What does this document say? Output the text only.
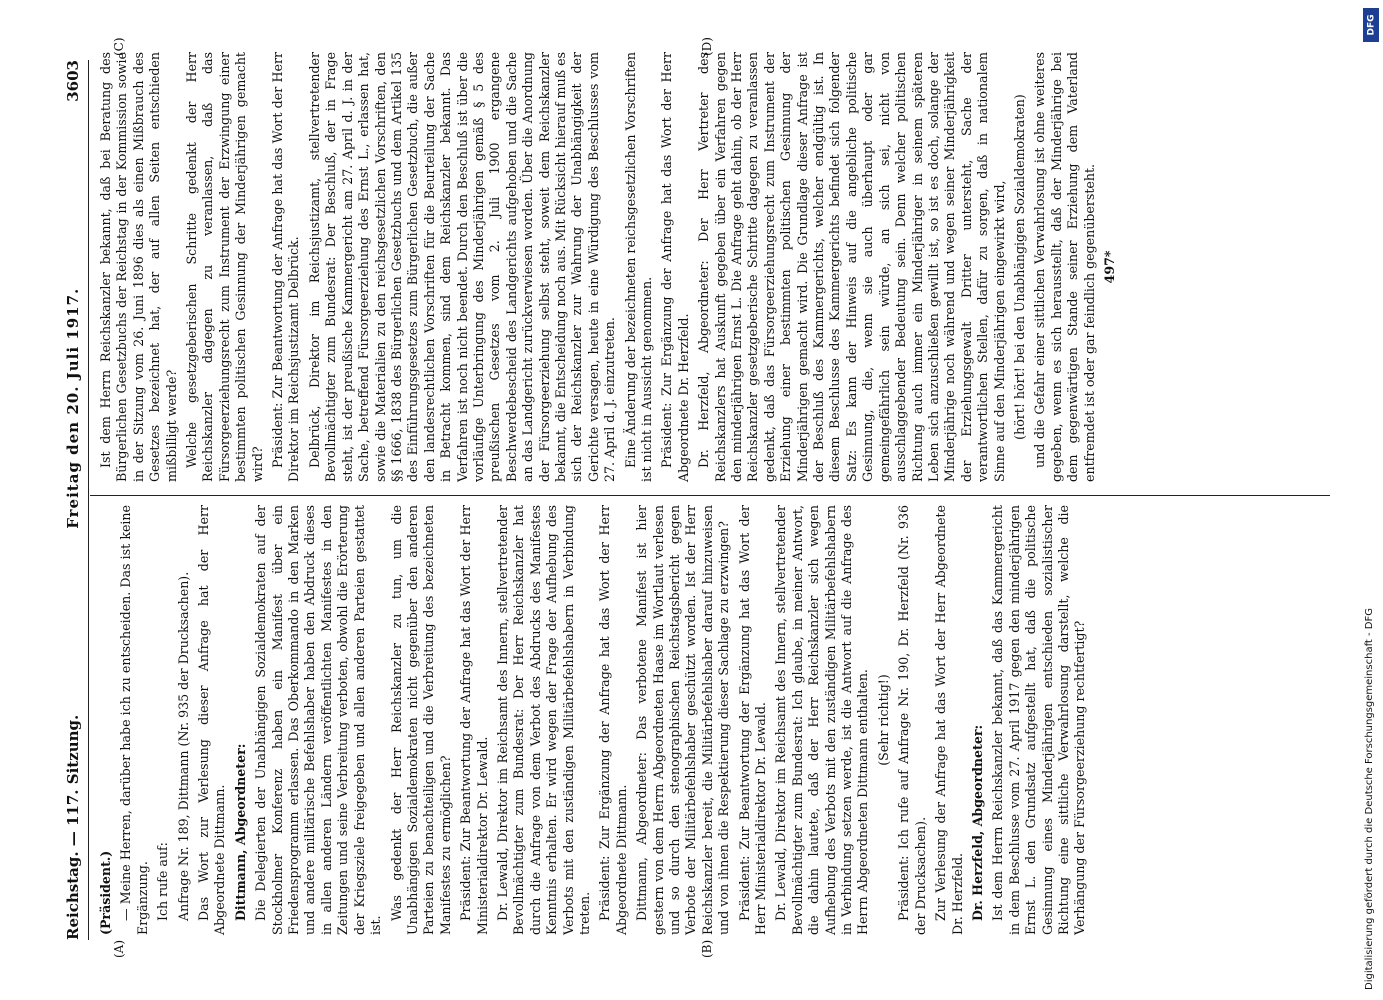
Reichstag. — 117. Sitzung.
Freitag den 20. Juli 1917.
3603
(A)	(B)
(C)	(D)

(Präsident.) — Meine Herren, darüber habe ich zu entscheiden. Das ist keine Ergänzung. Ich rufe auf: Anfrage Nr. 189, Dittmann (Nr. 935 der Drucksachen). Das Wort zur Verlesung dieser Anfrage hat der Herr Abgeordnete Dittmann. Dittmann, Abgeordneter: Die Delegierten der Unabhängigen Sozialdemokraten auf der Stockholmer Konferenz haben ein Manifest über ein Friedensprogramm erlassen. Das Oberkommando in den Marken und andere militärische Befehlshaber haben den Abdruck dieses in allen anderen Ländern veröffentlichten Manifestes in den Zeitungen und seine Verbreitung verboten, obwohl die Erörterung der Kriegsziele freigegeben und allen anderen Parteien gestattet ist.

Was gedenkt der Herr Reichskanzler zu tun, um die Unabhängigen Sozialdemokraten nicht gegenüber den anderen Parteien zu benachteiligen und die Verbreitung des bezeichneten Manifestes zu ermöglichen? Präsident: Zur Beantwortung der Anfrage hat das Wort der Herr Ministerialdirektor Dr. Lewald. Dr. Lewald, Direktor im Reichsamt des Innern, stellvertretender Bevollmächtigter zum Bundesrat: Der Herr Reichskanzler hat durch die Anfrage von dem Verbot des Abdrucks des Manifestes Kenntnis erhalten. Er wird wegen der Frage der Aufhebung des Verbots mit den zuständigen Militärbefehlshabern in Verbindung treten. Präsident: Zur Ergänzung der Anfrage hat das Wort der Herr Abgeordnete Dittmann. Dittmann, Abgeordneter: Das verbotene Manifest ist hier gestern von dem Herrn Abgeordneten Haase im Wortlaut verlesen und so durch den stenographischen Reichstagsbericht gegen Verbote der Militärbefehlshaber geschützt worden. Ist der Herr Reichskanzler bereit, die Militärbefehlshaber darauf hinzuweisen und von ihnen die Respektierung dieser Sachlage zu erzwingen? Präsident: Zur Beantwortung der Ergänzung hat das Wort der Herr Ministerialdirektor Dr. Lewald. Dr. Lewald, Direktor im Reichsamt des Innern, stellvertretender Bevollmächtigter zum Bundesrat: Ich glaube, in meiner Antwort, die dahin lautete, daß der Herr Reichskanzler sich wegen Aufhebung des Verbots mit den zuständigen Militärbefehlshabern in Verbindung setzen werde, ist die Antwort auf die Anfrage des Herrn Abgeordneten Dittmann enthalten. (Sehr richtig!) Präsident: Ich rufe auf Anfrage Nr. 190, Dr. Herzfeld (Nr. 936 der Drucksachen). Zur Verlesung der Anfrage hat das Wort der Herr Abgeordnete Dr. Herzfeld. Dr. Herzfeld, Abgeordneter: Ist dem Herrn Reichskanzler bekannt, daß das Kammergericht in dem Beschlusse vom 27. April 1917 gegen den minderjährigen Ernst L. den Grundsatz aufgestellt hat, daß die politische Gesinnung eines Minderjährigen entschieden sozialistischer Richtung eine sittliche Verwahrlosung darstellt, welche die Verhängung der Fürsorgeerziehung rechtfertigt?

Ist dem Herrn Reichskanzler bekannt, daß bei Beratung des Bürgerlichen Gesetzbuchs der Reichstag in der Kommission sowie in der Sitzung vom 26. Juni 1896 dies als einen Mißbrauch des Gesetzes bezeichnet hat, der auf allen Seiten entschieden mißbilligt werde? Welche gesetzgeberischen Schritte gedenkt der Herr Reichskanzler dagegen zu veranlassen, daß das Fürsorgeerziehungsrecht zum Instrument der Erzwingung einer bestimmten politischen Gesinnung der Minderjährigen gemacht wird? Präsident: Zur Beantwortung der Anfrage hat das Wort der Herr Direktor im Reichsjustizamt Delbrück. Delbrück, Direktor im Reichsjustizamt, stellvertretender Bevollmächtigter zum Bundesrat: Der Beschluß, der in Frage steht, ist der preußische Kammergericht am 27. April d. J. in der Sache, betreffend Fürsorgeerziehung des Ernst L., erlassen hat, sowie die Materialien zu den reichsgesetzlichen Vorschriften, den §§ 1666, 1838 des Bürgerlichen Gesetzbuchs und dem Artikel 135 des Einführungsgesetzes zum Bürgerlichen Gesetzbuch, die außer den landesrechtlichen Vorschriften für die Beurteilung der Sache in Betracht kommen, sind dem Reichskanzler bekannt. Das Verfahren ist noch nicht beendet. Durch den Beschluß ist über die vorläufige Unterbringung des Minderjährigen gemäß § 5 des preußischen Gesetzes vom 2. Juli 1900 ergangene Beschwerdebescheid des Landgerichts aufgehoben und die Sache an das Landgericht zurückverwiesen worden. Über die Anordnung der Fürsorgeerziehung selbst steht, soweit dem Reichskanzler bekannt, die Entscheidung noch aus. Mit Rücksicht hierauf muß es sich der Reichskanzler zur Wahrung der Unabhängigkeit der Gerichte versagen, heute in eine Würdigung des Beschlusses vom 27. April d. J. einzutreten. Eine Änderung der bezeichneten reichsgesetzlichen Vorschriften ist nicht in Aussicht genommen. Präsident: Zur Ergänzung der Anfrage hat das Wort der Herr Abgeordnete Dr. Herzfeld. Dr. Herzfeld, Abgeordneter: Der Herr Vertreter des Reichskanzlers hat Auskunft gegeben über ein Verfahren gegen den minderjährigen Ernst L. Die Anfrage geht dahin, ob der Herr Reichskanzler gesetzgeberische Schritte dagegen zu veranlassen gedenkt, daß das Fürsorgeerziehungsrecht zum Instrument der Erziehung einer bestimmten politischen Gesinnung der Minderjährigen gemacht wird. Die Grundlage dieser Anfrage ist der Beschluß des Kammergerichts, welcher endgültig ist. In diesem Beschlusse des Kammergerichts befindet sich folgender Satz: Es kann der Hinweis auf die angebliche politische Gesinnung, die, wenn sie auch überhaupt oder gar gemeingefährlich sein würde, an sich sei, nicht von ausschlaggebender Bedeutung sein. Denn welcher politischen Richtung auch immer ein Minderjähriger in seinem späteren Leben sich anzuschließen gewillt ist, so ist es doch, solange der Minderjährige noch während und wegen seiner Minderjährigkeit der Erziehungsgewalt Dritter untersteht, Sache der verantwortlichen Stellen, dafür zu sorgen, daß in nationalem Sinne auf den Minderjährigen eingewirkt wird, (hört! hört! bei den Unabhängigen Sozialdemokraten) und die Gefahr einer sittlichen Verwahrlosung ist ohne weiteres gegeben, wenn es sich herausstellt, daß der Minderjährige bei dem gegenwärtigen Stande seiner Erziehung dem Vaterland entfremdet ist oder gar feindlich gegenübersteht. 497*

Digitalisierung gefördert durch die Deutsche Forschungsgemeinschaft - DFG
DFG
